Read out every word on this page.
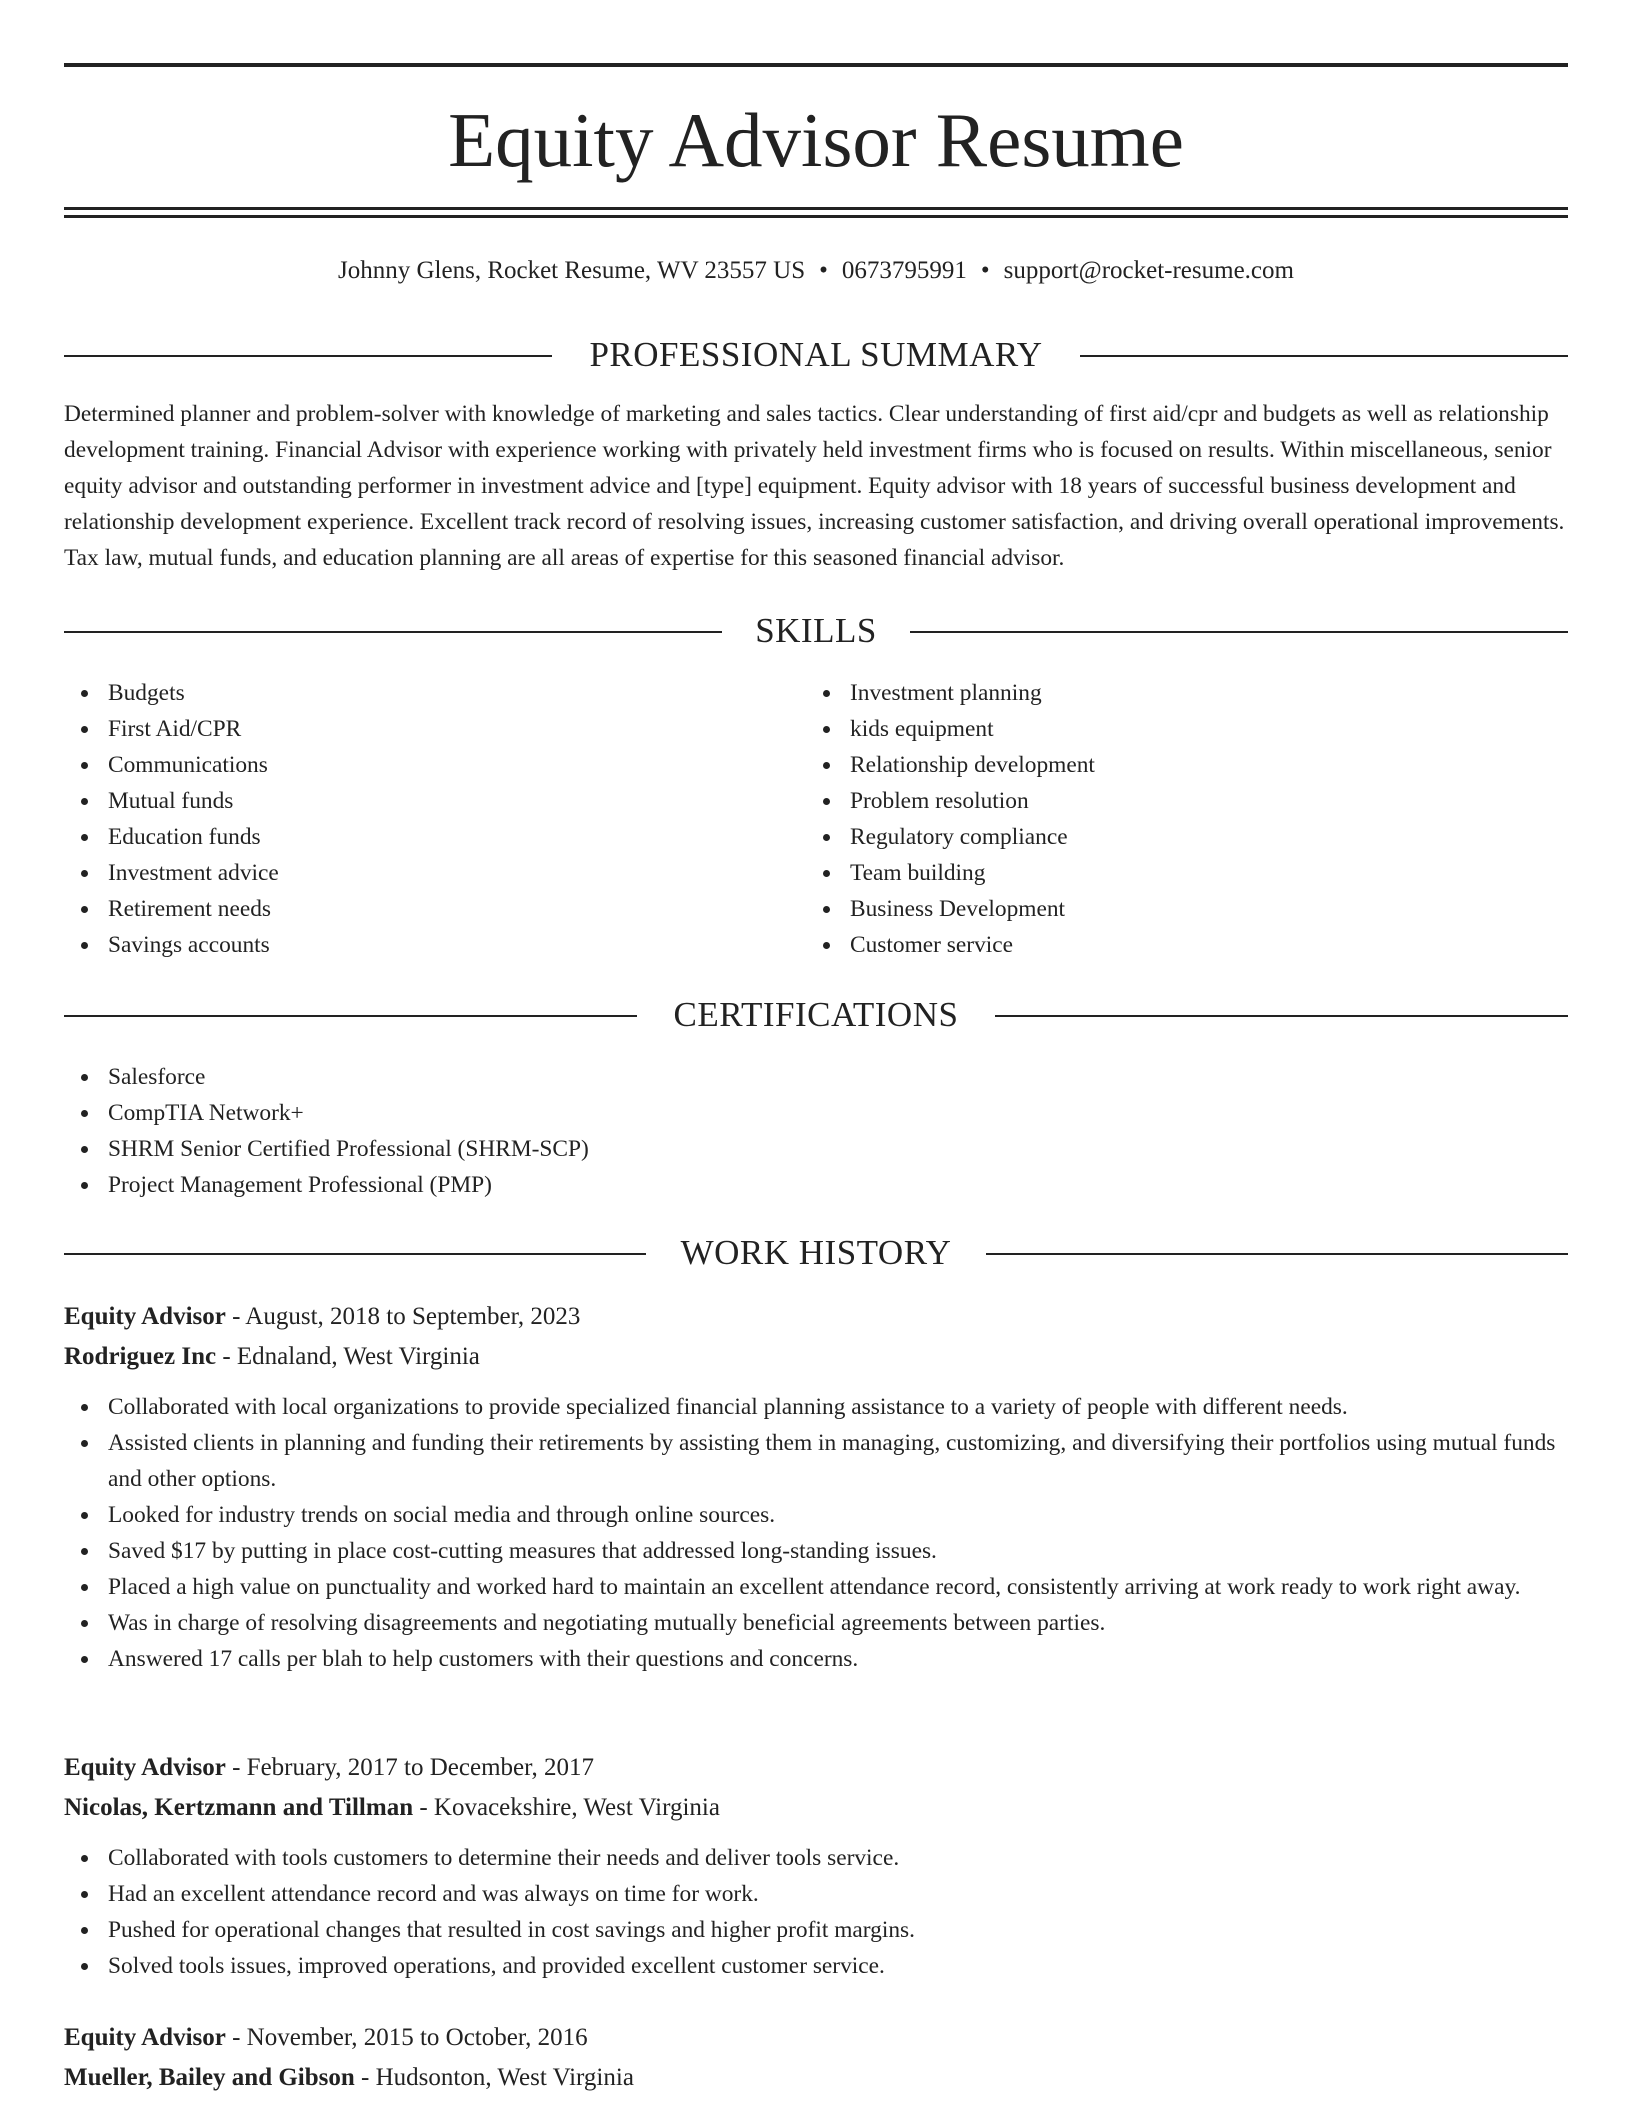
Equity Advisor Resume
Johnny Glens, Rocket Resume, WV 23557 US • 0673795991 • support@rocket-resume.com
PROFESSIONAL SUMMARY

Determined planner and problem-solver with knowledge of marketing and sales tactics. Clear understanding of first aid/cpr and budgets as well as relationship development training. Financial Advisor with experience working with privately held investment firms who is focused on results. Within miscellaneous, senior equity advisor and outstanding performer in investment advice and [type] equipment. Equity advisor with 18 years of successful business development and relationship development experience. Excellent track record of resolving issues, increasing customer satisfaction, and driving overall operational improvements. Tax law, mutual funds, and education planning are all areas of expertise for this seasoned financial advisor.

SKILLS
Budgets
First Aid/CPR
Communications
Mutual funds
Education funds
Investment advice
Retirement needs
Savings accounts
Investment planning
kids equipment
Relationship development
Problem resolution
Regulatory compliance
Team building
Business Development
Customer service
CERTIFICATIONS
Salesforce
CompTIA Network+
SHRM Senior Certified Professional (SHRM-SCP)
Project Management Professional (PMP)
WORK HISTORY
Equity Advisor - August, 2018 to September, 2023
Rodriguez Inc - Ednaland, West Virginia
Collaborated with local organizations to provide specialized financial planning assistance to a variety of people with different needs.
Assisted clients in planning and funding their retirements by assisting them in managing, customizing, and diversifying their portfolios using mutual funds and other options.
Looked for industry trends on social media and through online sources.
Saved $17 by putting in place cost-cutting measures that addressed long-standing issues.
Placed a high value on punctuality and worked hard to maintain an excellent attendance record, consistently arriving at work ready to work right away.
Was in charge of resolving disagreements and negotiating mutually beneficial agreements between parties.
Answered 17 calls per blah to help customers with their questions and concerns.
Equity Advisor - February, 2017 to December, 2017
Nicolas, Kertzmann and Tillman - Kovacekshire, West Virginia
Collaborated with tools customers to determine their needs and deliver tools service.
Had an excellent attendance record and was always on time for work.
Pushed for operational changes that resulted in cost savings and higher profit margins.
Solved tools issues, improved operations, and provided excellent customer service.
Equity Advisor - November, 2015 to October, 2016
Mueller, Bailey and Gibson - Hudsonton, West Virginia
